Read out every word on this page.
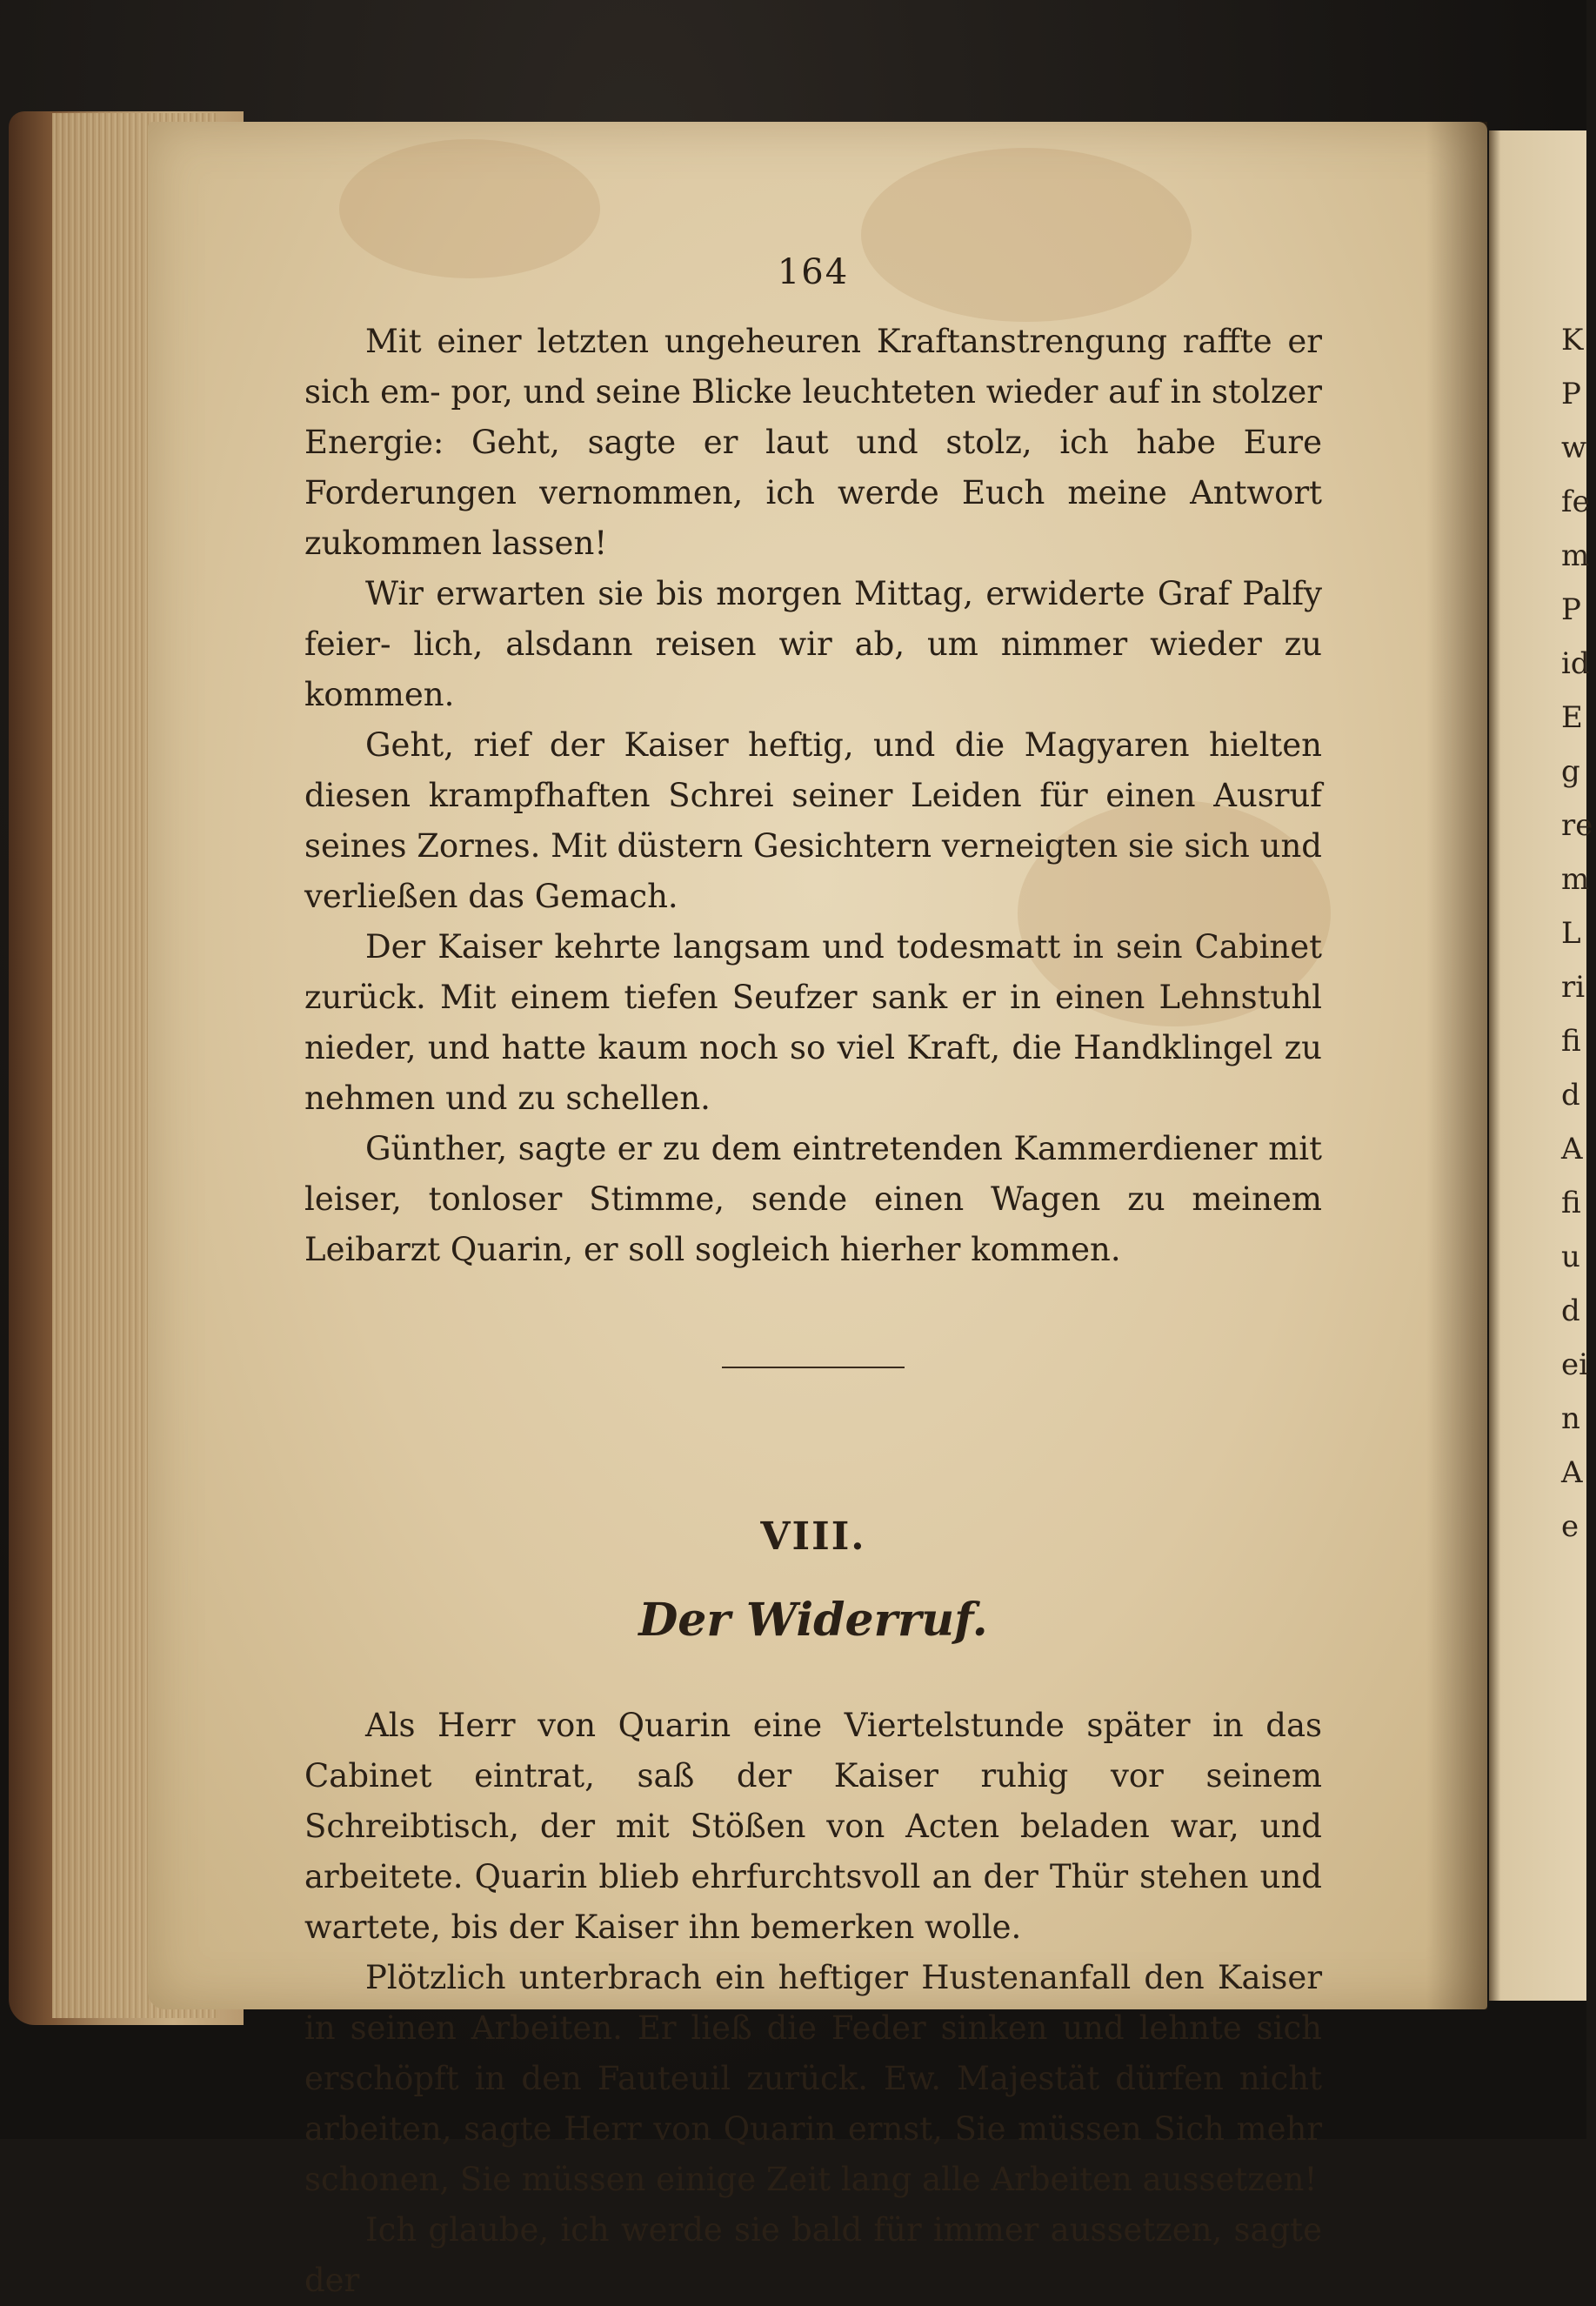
K
P
w
fe
m
P
id
E
g
re
m
L
ri
fi
d
A
fi
u
d
ei
n
A
e
164

Mit einer letzten ungeheuren Kraftanstrengung raffte er sich em- por, und seine Blicke leuchteten wieder auf in stolzer Energie: Geht, sagte er laut und stolz, ich habe Eure Forderungen vernommen, ich werde Euch meine Antwort zukommen lassen!

Wir erwarten sie bis morgen Mittag, erwiderte Graf Palfy feier- lich, alsdann reisen wir ab, um nimmer wieder zu kommen.

Geht, rief der Kaiser heftig, und die Magyaren hielten diesen krampfhaften Schrei seiner Leiden für einen Ausruf seines Zornes. Mit düstern Gesichtern verneigten sie sich und verließen das Gemach.

Der Kaiser kehrte langsam und todesmatt in sein Cabinet zurück. Mit einem tiefen Seufzer sank er in einen Lehnstuhl nieder, und hatte kaum noch so viel Kraft, die Handklingel zu nehmen und zu schellen.

Günther, sagte er zu dem eintretenden Kammerdiener mit leiser, tonloser Stimme, sende einen Wagen zu meinem Leibarzt Quarin, er soll sogleich hierher kommen.

VIII.
Der Widerruf.

Als Herr von Quarin eine Viertelstunde später in das Cabinet eintrat, saß der Kaiser ruhig vor seinem Schreibtisch, der mit Stößen von Acten beladen war, und arbeitete. Quarin blieb ehrfurchtsvoll an der Thür stehen und wartete, bis der Kaiser ihn bemerken wolle.

Plötzlich unterbrach ein heftiger Hustenanfall den Kaiser in seinen Arbeiten. Er ließ die Feder sinken und lehnte sich erschöpft in den Fauteuil zurück. Ew. Majestät dürfen nicht arbeiten, sagte Herr von Quarin ernst, Sie müssen Sich mehr schonen, Sie müssen einige Zeit lang alle Arbeiten aussetzen!

Ich glaube, ich werde sie bald für immer aussetzen, sagte der
